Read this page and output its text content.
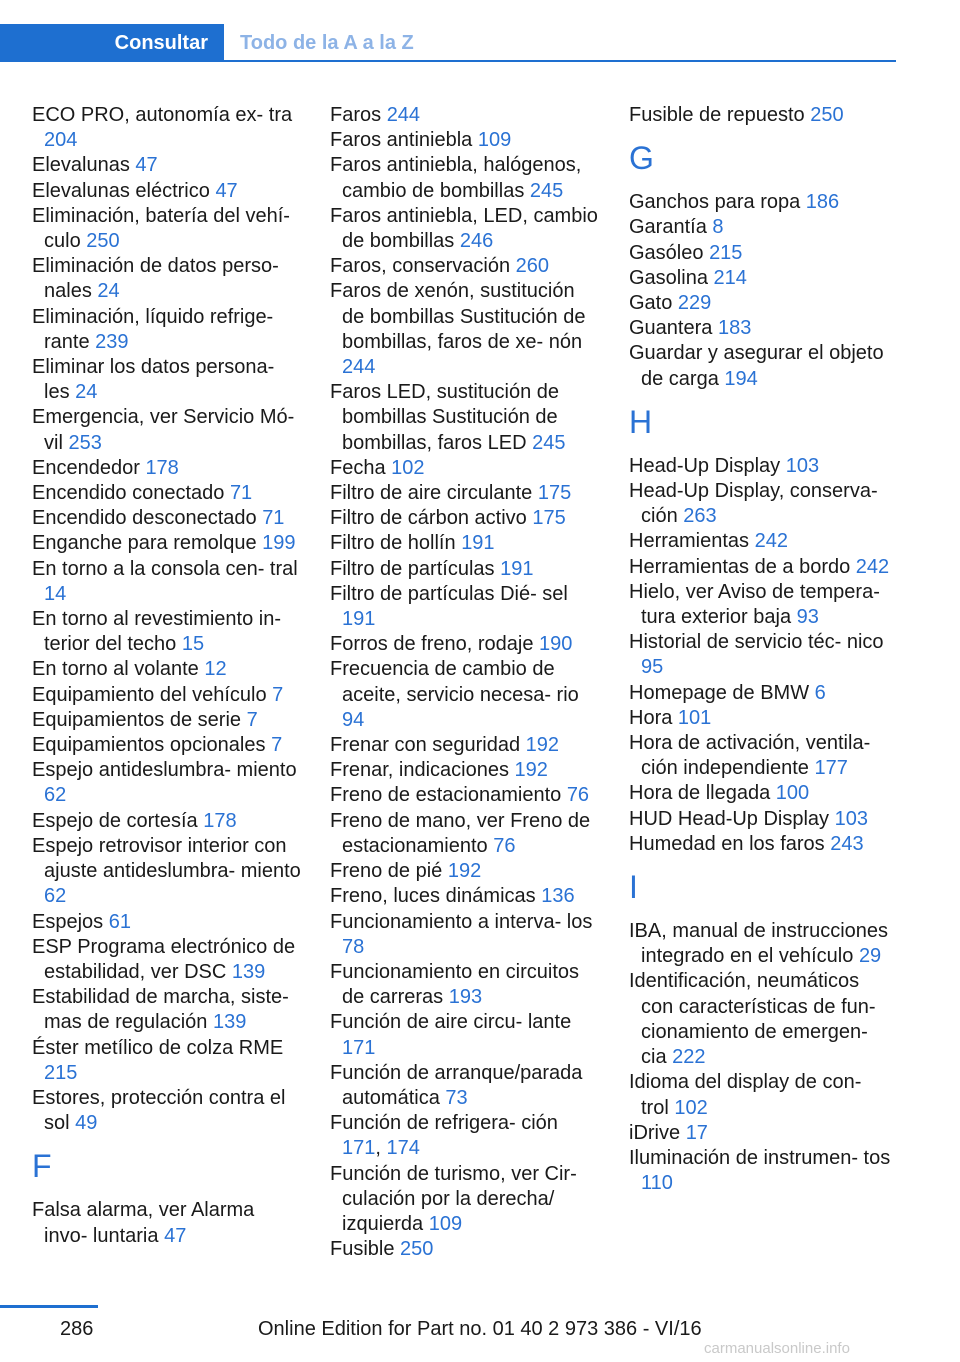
Consultar Todo de la A a la Z

ECO PRO, autonomía ex‐ tra 204

Elevalunas 47

Elevalunas eléctrico 47

Eliminación, batería del vehí‐ culo 250

Eliminación de datos perso‐ nales 24

Eliminación, líquido refrige‐ rante 239

Eliminar los datos persona‐ les 24

Emergencia, ver Servicio Mó‐ vil 253

Encendedor 178

Encendido conectado 71

Encendido desconectado 71

Enganche para remolque 199

En torno a la consola cen‐ tral 14

En torno al revestimiento in‐ terior del techo 15

En torno al volante 12

Equipamiento del vehículo 7

Equipamientos de serie 7

Equipamientos opcionales 7

Espejo antideslumbra‐ miento 62

Espejo de cortesía 178

Espejo retrovisor interior con ajuste antideslumbra‐ miento 62

Espejos 61

ESP Programa electrónico de estabilidad, ver DSC 139

Estabilidad de marcha, siste‐ mas de regulación 139

Éster metílico de colza RME 215

Estores, protección contra el sol 49

F

Falsa alarma, ver Alarma invo‐ luntaria 47

Faros 244

Faros antiniebla 109

Faros antiniebla, halógenos, cambio de bombillas 245

Faros antiniebla, LED, cambio de bombillas 246

Faros, conservación 260

Faros de xenón, sustitución de bombillas Sustitución de bombillas, faros de xe‐ nón 244

Faros LED, sustitución de bombillas Sustitución de bombillas, faros LED 245

Fecha 102

Filtro de aire circulante 175

Filtro de cárbon activo 175

Filtro de hollín 191

Filtro de partículas 191

Filtro de partículas Dié‐ sel 191

Forros de freno, rodaje 190

Frecuencia de cambio de aceite, servicio necesa‐ rio 94

Frenar con seguridad 192

Frenar, indicaciones 192

Freno de estacionamiento 76

Freno de mano, ver Freno de estacionamiento 76

Freno de pié 192

Freno, luces dinámicas 136

Funcionamiento a interva‐ los 78

Funcionamiento en circuitos de carreras 193

Función de aire circu‐ lante 171

Función de arranque/parada automática 73

Función de refrigera‐ ción 171, 174

Función de turismo, ver Cir‐ culación por la derecha/ izquierda 109

Fusible 250

Fusible de repuesto 250

G

Ganchos para ropa 186

Garantía 8

Gasóleo 215

Gasolina 214

Gato 229

Guantera 183

Guardar y asegurar el objeto de carga 194

H

Head-Up Display 103

Head-Up Display, conserva‐ ción 263

Herramientas 242

Herramientas de a bordo 242

Hielo, ver Aviso de tempera‐ tura exterior baja 93

Historial de servicio téc‐ nico 95

Homepage de BMW 6

Hora 101

Hora de activación, ventila‐ ción independiente 177

Hora de llegada 100

HUD Head-Up Display 103

Humedad en los faros 243

I

IBA, manual de instrucciones integrado en el vehículo 29

Identificación, neumáticos con características de fun‐ cionamiento de emergen‐ cia 222

Idioma del display de con‐ trol 102

iDrive 17

Iluminación de instrumen‐ tos 110

286	Online Edition for Part no. 01 40 2 973 386 - VI/16
carmanualsonline.info
